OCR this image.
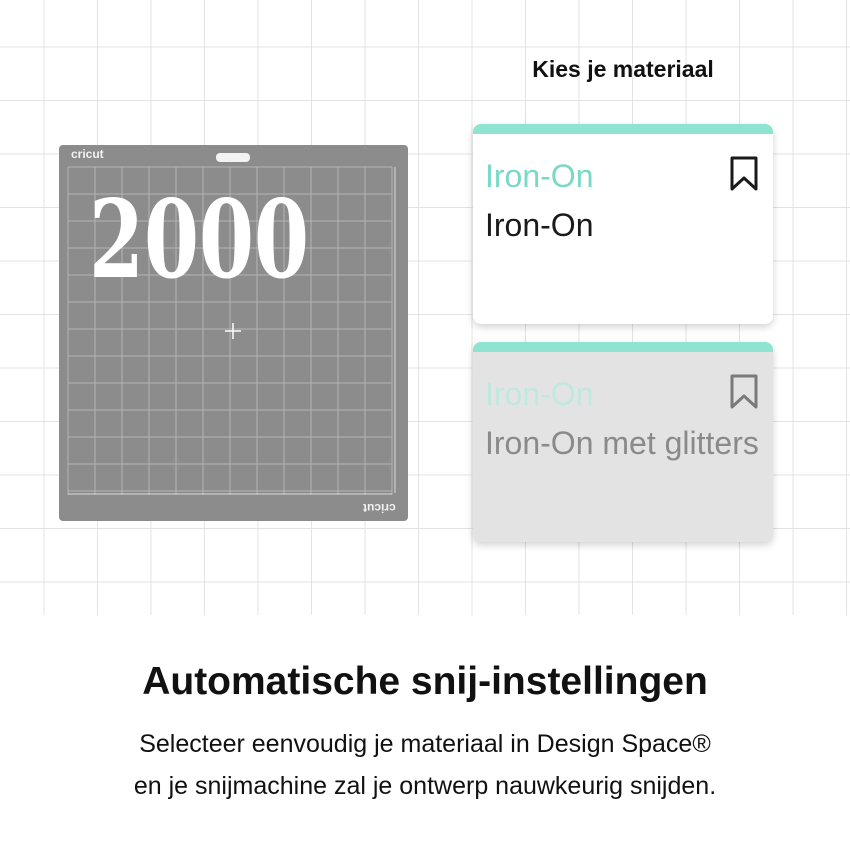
2000
cricut
cricut
Kies je materiaal
Iron-On
Iron-On
Iron-On
Iron-On met glitters
Automatische snij-instellingen
Selecteer eenvoudig je materiaal in Design Space®
en je snijmachine zal je ontwerp nauwkeurig snijden.
